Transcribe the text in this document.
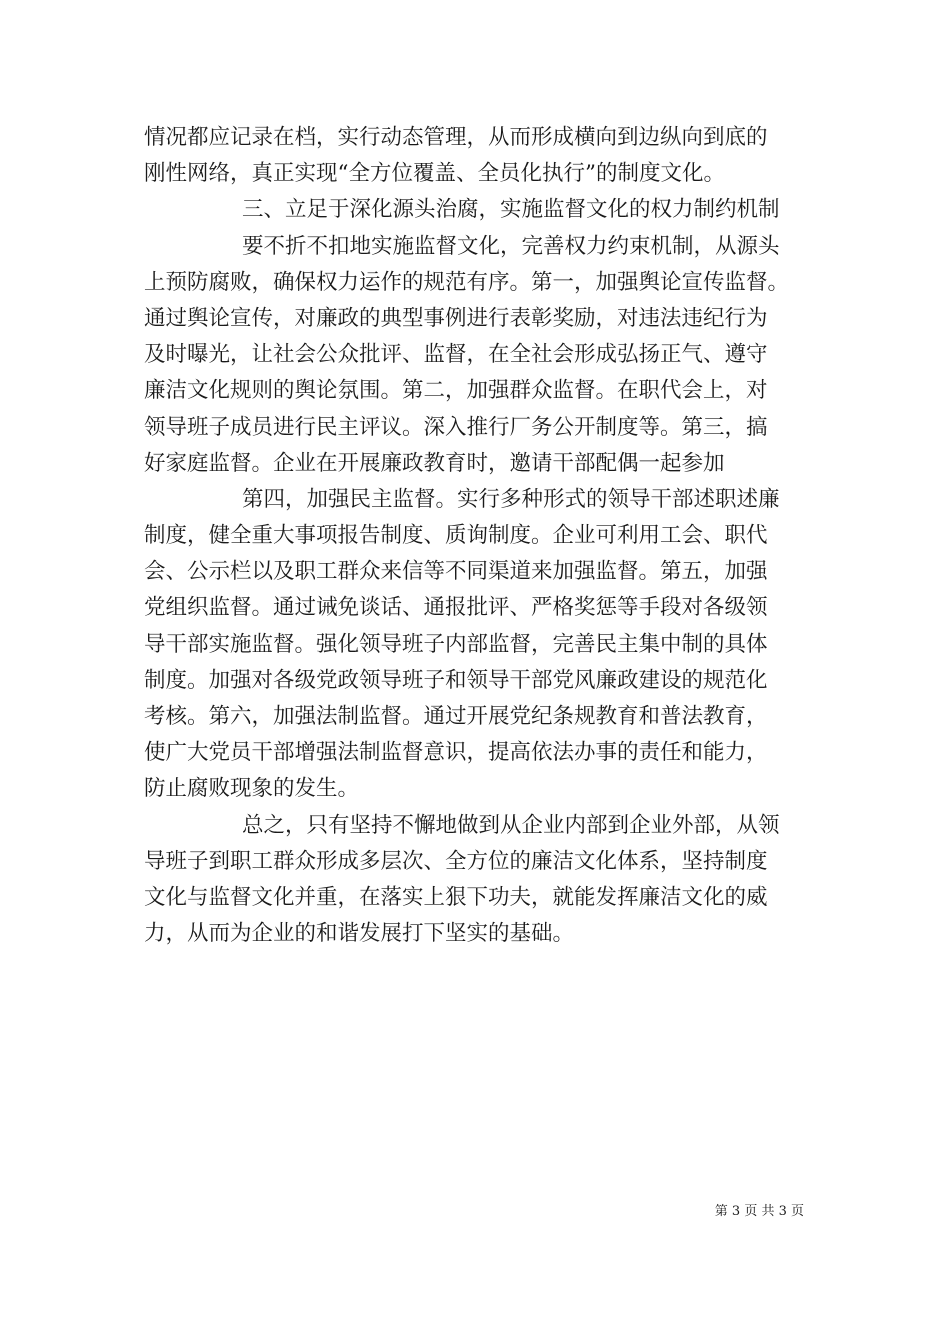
情况都应记录在档，实行动态管理，从而形成横向到边纵向到底的
刚性网络，真正实现“全方位覆盖、全员化执行”的制度文化。
三、立足于深化源头治腐，实施监督文化的权力制约机制
要不折不扣地实施监督文化，完善权力约束机制，从源头
上预防腐败，确保权力运作的规范有序。第一，加强舆论宣传监督。
通过舆论宣传，对廉政的典型事例进行表彰奖励，对违法违纪行为
及时曝光，让社会公众批评、监督，在全社会形成弘扬正气、遵守
廉洁文化规则的舆论氛围。第二，加强群众监督。在职代会上，对
领导班子成员进行民主评议。深入推行厂务公开制度等。第三，搞
好家庭监督。企业在开展廉政教育时，邀请干部配偶一起参加
第四，加强民主监督。实行多种形式的领导干部述职述廉
制度，健全重大事项报告制度、质询制度。企业可利用工会、职代
会、公示栏以及职工群众来信等不同渠道来加强监督。第五，加强
党组织监督。通过诫免谈话、通报批评、严格奖惩等手段对各级领
导干部实施监督。强化领导班子内部监督，完善民主集中制的具体
制度。加强对各级党政领导班子和领导干部党风廉政建设的规范化
考核。第六，加强法制监督。通过开展党纪条规教育和普法教育，
使广大党员干部增强法制监督意识，提高依法办事的责任和能力，
防止腐败现象的发生。
总之，只有坚持不懈地做到从企业内部到企业外部，从领
导班子到职工群众形成多层次、全方位的廉洁文化体系，坚持制度
文化与监督文化并重，在落实上狠下功夫，就能发挥廉洁文化的威
力，从而为企业的和谐发展打下坚实的基础。
第 3 页 共 3 页
